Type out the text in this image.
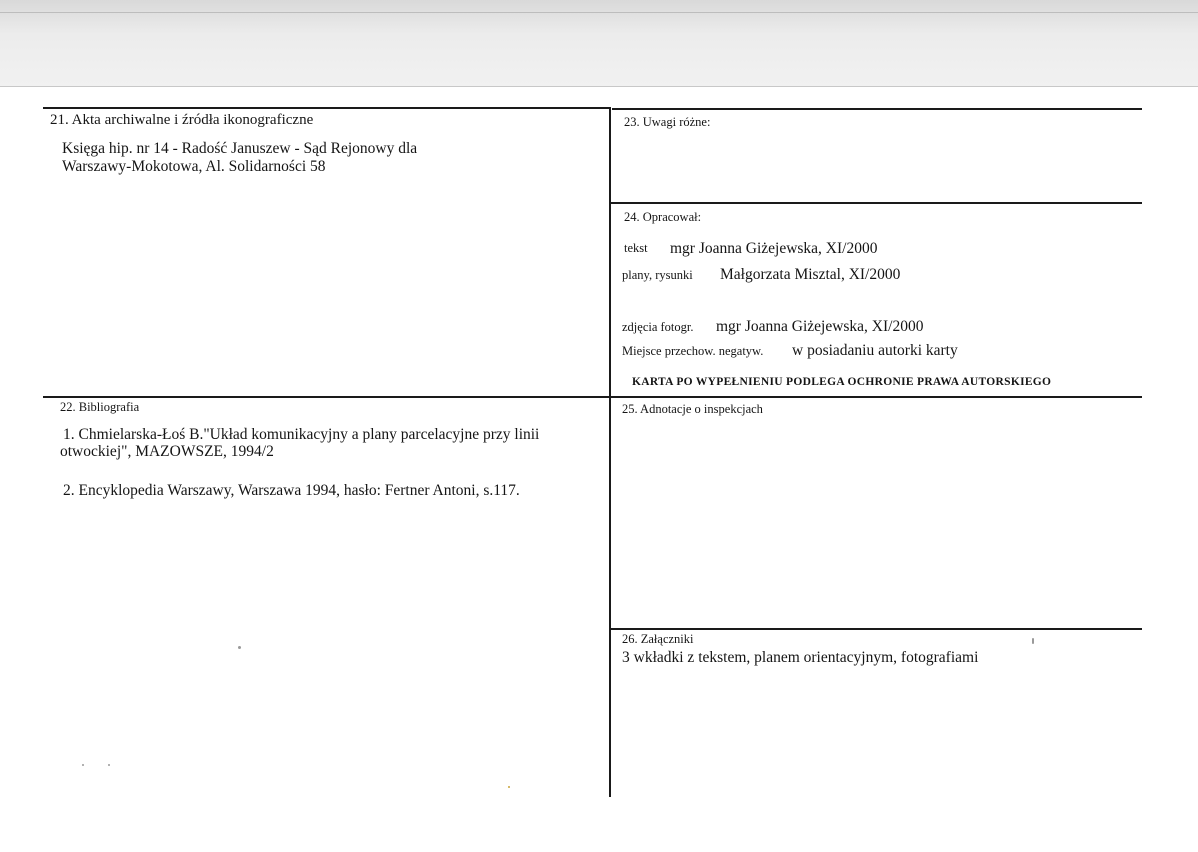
21. Akta archiwalne i źródła ikonograficzne
Księga hip. nr 14 - Radość Januszew - Sąd Rejonowy dla
Warszawy-Mokotowa, Al. Solidarności 58
22. Bibliografia
1. Chmielarska-Łoś B."Układ komunikacyjny a plany parcelacyjne przy linii
otwockiej", MAZOWSZE, 1994/2
2. Encyklopedia Warszawy, Warszawa 1994, hasło: Fertner Antoni, s.117.
23. Uwagi różne:
24. Opracował:
tekst mgr Joanna Giżejewska, XI/2000
plany, rysunki Małgorzata Misztal, XI/2000
zdjęcia fotogr. mgr Joanna Giżejewska, XI/2000
Miejsce przechow. negatyw. w posiadaniu autorki karty
KARTA PO WYPEŁNIENIU PODLEGA OCHRONIE PRAWA AUTORSKIEGO
25. Adnotacje o inspekcjach
26. Załączniki
3 wkładki z tekstem, planem orientacyjnym, fotografiami
